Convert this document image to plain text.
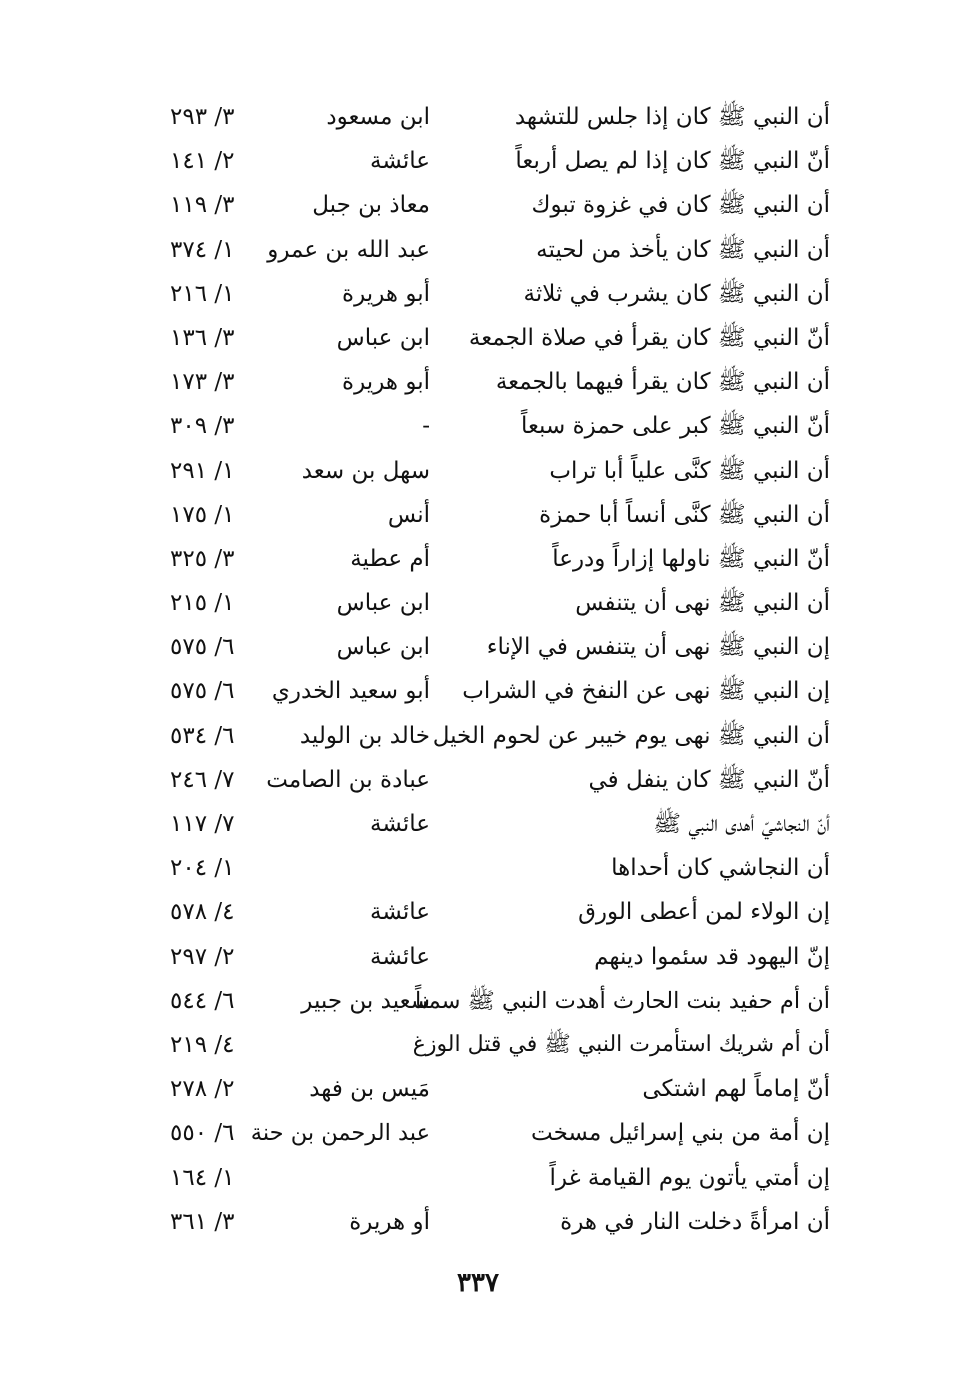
أن النبي ﷺ كان إذا جلس للتشهد
ابن مسعود
٣/ ٢٩٣
أنّ النبي ﷺ كان إذا لم يصل أربعاً
عائشة
٢/ ١٤١
أن النبي ﷺ كان في غزوة تبوك
معاذ بن جبل
٣/ ١١٩
أن النبي ﷺ كان يأخذ من لحيته
عبد الله بن عمرو
١/ ٣٧٤
أن النبي ﷺ كان يشرب في ثلاثة
أبو هريرة
١/ ٢١٦
أنّ النبي ﷺ كان يقرأ في صلاة الجمعة
ابن عباس
٣/ ١٣٦
أن النبي ﷺ كان يقرأ فيهما بالجمعة
أبو هريرة
٣/ ١٧٣
أنّ النبي ﷺ كبر على حمزة سبعاً
-
٣/ ٣٠٩
أن النبي ﷺ كنَّى علياً أبا تراب
سهل بن سعد
١/ ٢٩١
أن النبي ﷺ كنَّى أنساً أبا حمزة
أنس
١/ ١٧٥
أنّ النبي ﷺ ناولها إزاراً ودرعاً
أم عطية
٣/ ٣٢٥
أن النبي ﷺ نهى أن يتنفس
ابن عباس
١/ ٢١٥
إن النبي ﷺ نهى أن يتنفس في الإناء
ابن عباس
٦/ ٥٧٥
إن النبي ﷺ نهى عن النفخ في الشراب
أبو سعيد الخدري
٦/ ٥٧٥
أن النبي ﷺ نهى يوم خيبر عن لحوم الخيل
خالد بن الوليد
٦/ ٥٣٤
أنّ النبي ﷺ كان ينفل في
عبادة بن الصامت
٧/ ٢٤٦
أنّ النجاشيّ أهدى النبي ﷺ
عائشة
٧/ ١١٧
أن النجاشي كان أحداها
١/ ٢٠٤
إن الولاء لمن أعطى الورق
عائشة
٤/ ٥٧٨
إنّ اليهود قد سئموا دينهم
عائشة
٢/ ٢٩٧
أن أم حفيد بنت الحارث أهدت النبي ﷺ سمناً
سعيد بن جبير
٦/ ٥٤٤
أن أم شريك استأمرت النبي ﷺ في قتل الوزغ
٤/ ٢١٩
أنّ إماماً لهم اشتكى
مَيس بن فهد
٢/ ٢٧٨
إن أمة من بني إسرائيل مسخت
عبد الرحمن بن حنة
٦/ ٥٥٠
إن أمتي يأتون يوم القيامة غراً
١/ ١٦٤
أن امرأةً دخلت النار في هرة
أو هريرة
٣/ ٣٦١
٣٣٧
